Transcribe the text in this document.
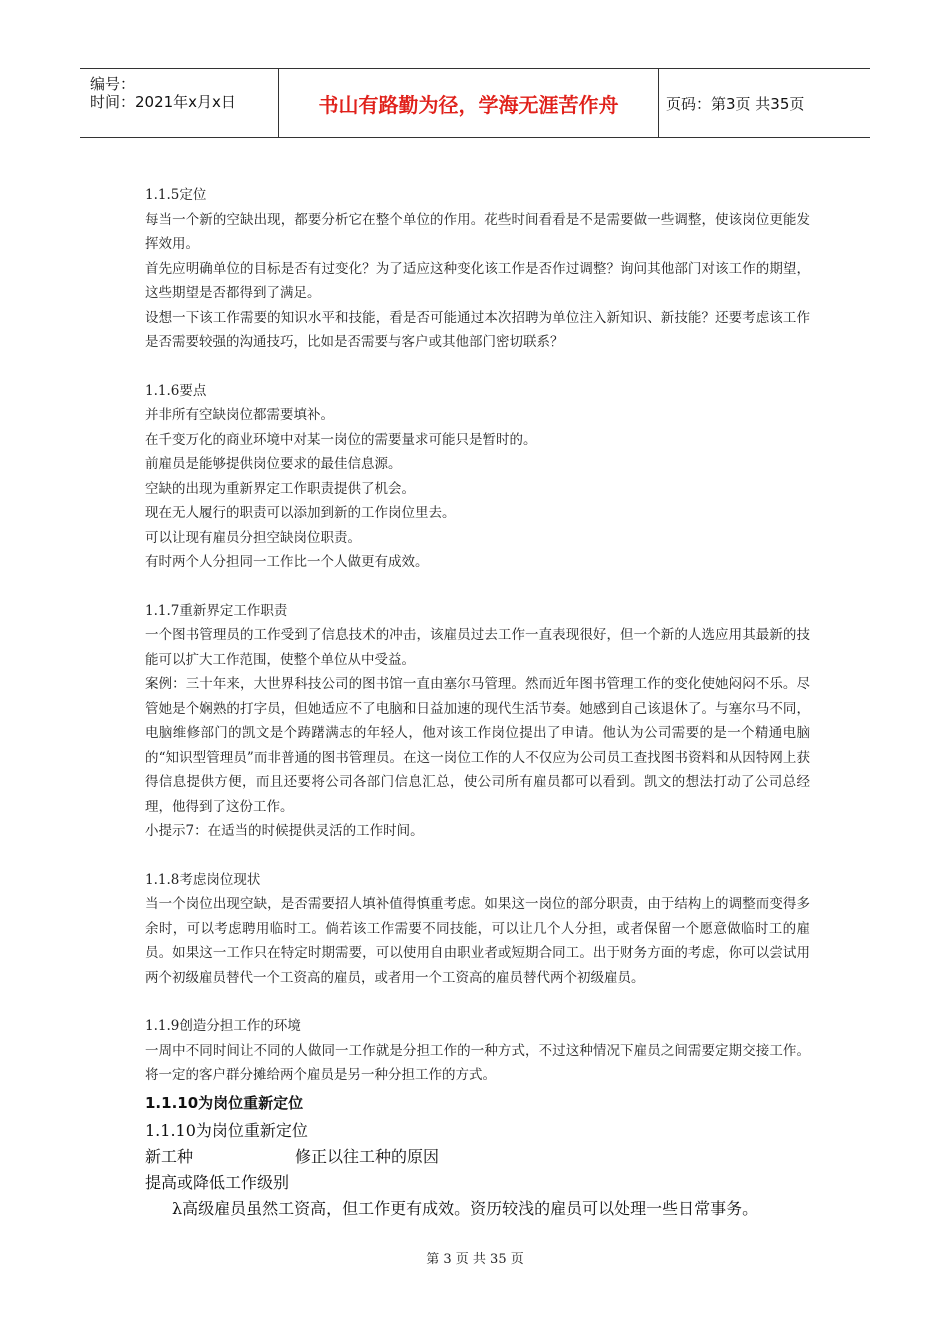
编号：
时间：2021年x月x日	书山有路勤为径，学海无涯苦作舟	页码：第3页 共35页

1.1.5定位

每当一个新的空缺出现，都要分析它在整个单位的作用。花些时间看看是不是需要做一些调整，使该岗位更能发挥效用。

首先应明确单位的目标是否有过变化？为了适应这种变化该工作是否作过调整？询问其他部门对该工作的期望，这些期望是否都得到了满足。

设想一下该工作需要的知识水平和技能，看是否可能通过本次招聘为单位注入新知识、新技能？还要考虑该工作是否需要较强的沟通技巧，比如是否需要与客户或其他部门密切联系？

1.1.6要点

并非所有空缺岗位都需要填补。

在千变万化的商业环境中对某一岗位的需要量求可能只是暂时的。

前雇员是能够提供岗位要求的最佳信息源。

空缺的出现为重新界定工作职责提供了机会。

现在无人履行的职责可以添加到新的工作岗位里去。

可以让现有雇员分担空缺岗位职责。

有时两个人分担同一工作比一个人做更有成效。

1.1.7重新界定工作职责

一个图书管理员的工作受到了信息技术的冲击，该雇员过去工作一直表现很好，但一个新的人选应用其最新的技能可以扩大工作范围，使整个单位从中受益。

案例：三十年来，大世界科技公司的图书馆一直由塞尔马管理。然而近年图书管理工作的变化使她闷闷不乐。尽管她是个娴熟的打字员，但她适应不了电脑和日益加速的现代生活节奏。她感到自己该退休了。与塞尔马不同，电脑维修部门的凯文是个踌躇满志的年轻人，他对该工作岗位提出了申请。他认为公司需要的是一个精通电脑的“知识型管理员”而非普通的图书管理员。在这一岗位工作的人不仅应为公司员工查找图书资料和从因特网上获得信息提供方便，而且还要将公司各部门信息汇总，使公司所有雇员都可以看到。凯文的想法打动了公司总经理，他得到了这份工作。

小提示7：在适当的时候提供灵活的工作时间。

1.1.8考虑岗位现状

当一个岗位出现空缺，是否需要招人填补值得慎重考虑。如果这一岗位的部分职责，由于结构上的调整而变得多余时，可以考虑聘用临时工。倘若该工作需要不同技能，可以让几个人分担，或者保留一个愿意做临时工的雇员。如果这一工作只在特定时期需要，可以使用自由职业者或短期合同工。出于财务方面的考虑，你可以尝试用两个初级雇员替代一个工资高的雇员，或者用一个工资高的雇员替代两个初级雇员。

1.1.9创造分担工作的环境

一周中不同时间让不同的人做同一工作就是分担工作的一种方式，不过这种情况下雇员之间需要定期交接工作。将一定的客户群分摊给两个雇员是另一种分担工作的方式。

1.1.10为岗位重新定位

1.1.10为岗位重新定位

新工种	修正以往工种的原因

提高或降低工作级别

λ高级雇员虽然工资高，但工作更有成效。资历较浅的雇员可以处理一些日常事务。

第 3 页 共 35 页
